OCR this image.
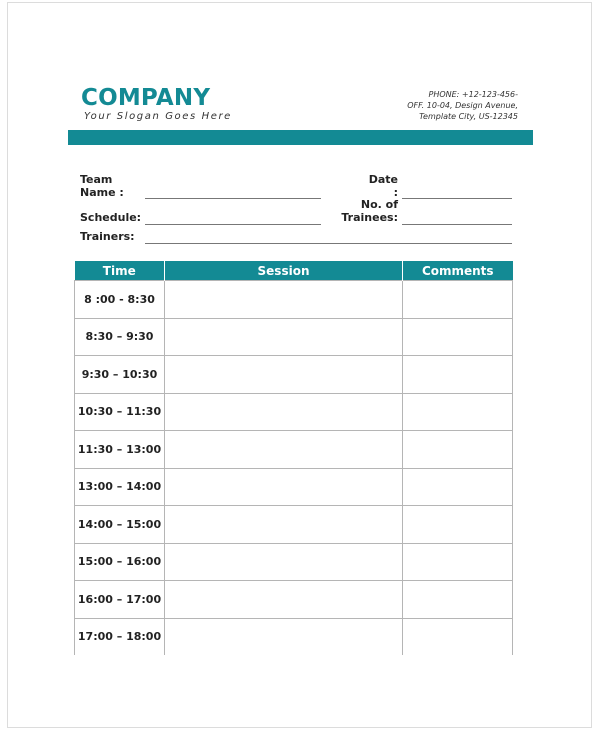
COMPANY
Your Slogan Goes Here
PHONE: +12-123-456-
OFF. 10-04, Design Avenue,
Template City, US-12345
Team
Name :
Schedule:
Trainers:
Date
:
No. of
Trainees:
Time	Session	Comments
8 :00 - 8:30		
8:30 – 9:30		
9:30 – 10:30		
10:30 – 11:30		
11:30 – 13:00		
13:00 – 14:00		
14:00 – 15:00		
15:00 – 16:00		
16:00 – 17:00		
17:00 – 18:00		
